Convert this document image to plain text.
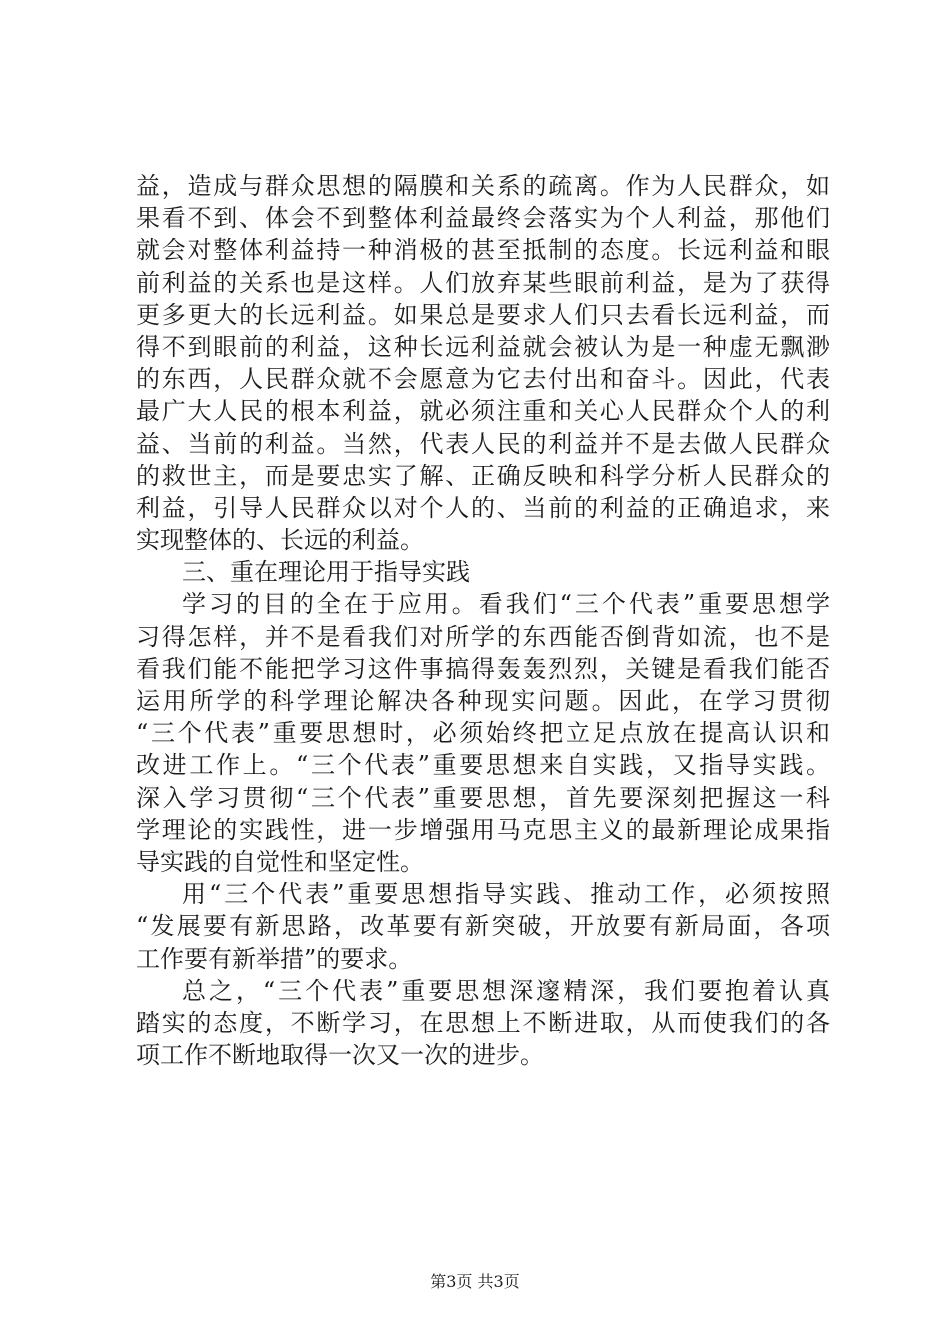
益，造成与群众思想的隔膜和关系的疏离。作为人民群众，如
果看不到、体会不到整体利益最终会落实为个人利益，那他们
就会对整体利益持一种消极的甚至抵制的态度。长远利益和眼
前利益的关系也是这样。人们放弃某些眼前利益，是为了获得
更多更大的长远利益。如果总是要求人们只去看长远利益，而
得不到眼前的利益，这种长远利益就会被认为是一种虚无飘渺
的东西，人民群众就不会愿意为它去付出和奋斗。因此，代表
最广大人民的根本利益，就必须注重和关心人民群众个人的利
益、当前的利益。当然，代表人民的利益并不是去做人民群众
的救世主，而是要忠实了解、正确反映和科学分析人民群众的
利益，引导人民群众以对个人的、当前的利益的正确追求，来
实现整体的、长远的利益。
三、重在理论用于指导实践
学习的目的全在于应用。看我们“三个代表”重要思想学
习得怎样，并不是看我们对所学的东西能否倒背如流，也不是
看我们能不能把学习这件事搞得轰轰烈烈，关键是看我们能否
运用所学的科学理论解决各种现实问题。因此，在学习贯彻
“三个代表”重要思想时，必须始终把立足点放在提高认识和
改进工作上。“三个代表”重要思想来自实践，又指导实践。
深入学习贯彻“三个代表”重要思想，首先要深刻把握这一科
学理论的实践性，进一步增强用马克思主义的最新理论成果指
导实践的自觉性和坚定性。
用“三个代表”重要思想指导实践、推动工作，必须按照
“发展要有新思路，改革要有新突破，开放要有新局面，各项
工作要有新举措”的要求。
总之，“三个代表”重要思想深邃精深，我们要抱着认真
踏实的态度，不断学习，在思想上不断进取，从而使我们的各
项工作不断地取得一次又一次的进步。
第3页 共3页
